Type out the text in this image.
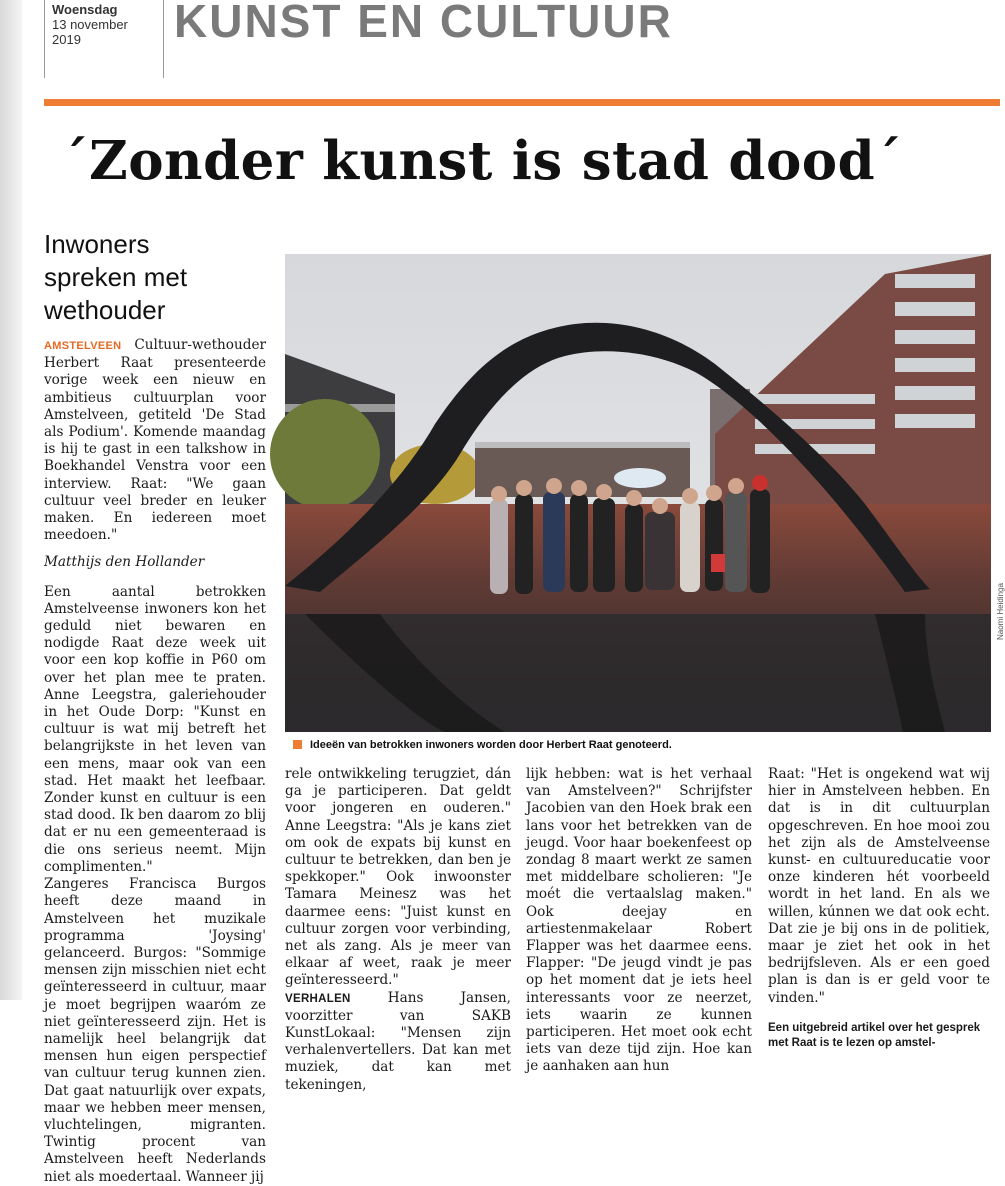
Woensdag
13 november
2019	KUNST EN CULTUUR
´Zonder kunst is stad dood´
Inwoners
spreken met
wethouder

AMSTELVEEN Cultuur-wethouder Herbert Raat presenteerde vorige week een nieuw en ambitieus cultuurplan voor Amstelveen, getiteld 'De Stad als Podium'. Komende maandag is hij te gast in een talkshow in Boekhandel Venstra voor een interview. Raat: "We gaan cultuur veel breder en leuker maken. En iedereen moet meedoen."

Matthijs den Hollander

Een aantal betrokken Amstelveense inwoners kon het geduld niet bewaren en nodigde Raat deze week uit voor een kop koffie in P60 om over het plan mee te praten. Anne Leegstra, galeriehouder in het Oude Dorp: "Kunst en cultuur is wat mij betreft het belangrijkste in het leven van een mens, maar ook van een stad. Het maakt het leefbaar. Zonder kunst en cultuur is een stad dood. Ik ben daarom zo blij dat er nu een gemeenteraad is die ons serieus neemt. Mijn complimenten."

Zangeres Francisca Burgos heeft deze maand in Amstelveen het muzikale programma 'Joysing' gelanceerd. Burgos: "Sommige mensen zijn misschien niet echt geïnteresseerd in cultuur, maar je moet begrijpen waaróm ze niet geïnteresseerd zijn. Het is namelijk heel belangrijk dat mensen hun eigen perspectief van cultuur terug kunnen zien. Dat gaat natuurlijk over expats, maar we hebben meer mensen, vluchtelingen, migranten. Twintig procent van Amstelveen heeft Nederlands niet als moedertaal. Wanneer jij

Naomi Heidinga
Ideeën van betrokken inwoners worden door Herbert Raat genoteerd.

rele ontwikkeling terugziet, dán ga je participeren. Dat geldt voor jongeren en ouderen." Anne Leegstra: "Als je kans ziet om ook de expats bij kunst en cultuur te betrekken, dan ben je spekkoper." Ook inwoonster Tamara Meinesz was het daarmee eens: "Juist kunst en cultuur zorgen voor verbinding, net als zang. Als je meer van elkaar af weet, raak je meer geïnteresseerd."

VERHALEN	Hans Jansen, voorzitter van SAKB KunstLokaal: "Mensen zijn verhalenvertellers. Dat kan met muziek, dat kan met tekeningen,

lijk hebben: wat is het verhaal van Amstelveen?" Schrijfster Jacobien van den Hoek brak een lans voor het betrekken van de jeugd. Voor haar boekenfeest op zondag 8 maart werkt ze samen met middelbare scholieren: "Je moét die vertaalslag maken." Ook deejay en artiestenmakelaar Robert Flapper was het daarmee eens. Flapper: "De jeugd vindt je pas op het moment dat je iets heel interessants voor ze neerzet, iets waarin ze kunnen participeren. Het moet ook echt iets van deze tijd zijn. Hoe kan je aanhaken aan hun

Raat: "Het is ongekend wat wij hier in Amstelveen hebben. En dat is in dit cultuurplan opgeschreven. En hoe mooi zou het zijn als de Amstelveense kunst- en cultuureducatie voor onze kinderen hét voorbeeld wordt in het land. En als we willen, kúnnen we dat ook echt. Dat zie je bij ons in de politiek, maar je ziet het ook in het bedrijfsleven. Als er een goed plan is dan is er geld voor te vinden."

Een uitgebreid artikel over het gesprek met Raat is te lezen op amstel-
